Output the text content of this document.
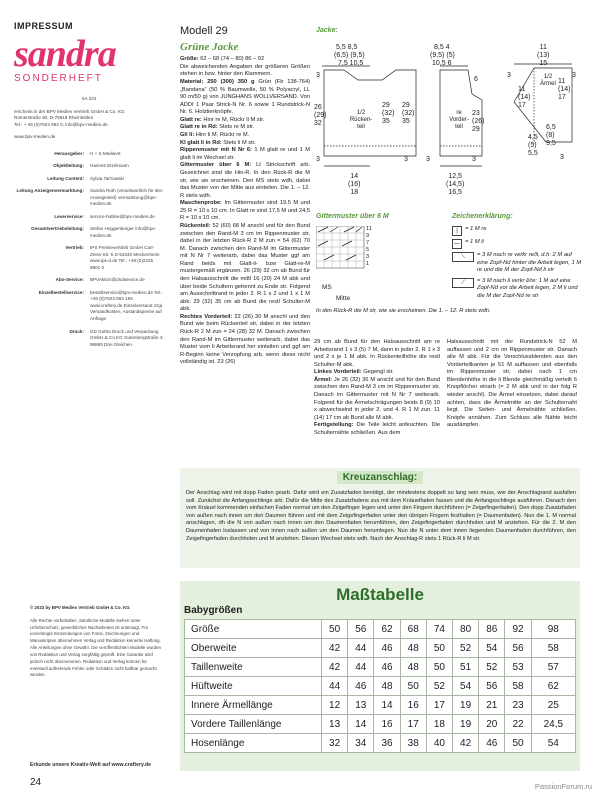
IMPRESSUM
sandra
SONDERHEFT
SA 222
erscheint in der BPV Medien Vertrieb GmbH & Co. KG
Römerstraße 90, D-79618 Rheinfelden
Tel.: + 49 (0)7623 964 0, info@bpv-medien.de
www.bpv-medien.de
Herausgeber:	H + S Medievtr.
Objektleitung:	Hannes Etzelmann
Leitung Content:	Sylvia Tarnowski
Leitung Anzeigenvermarktung:	Sandra Roth (verantwortlich für den Anzeigenteil) vermarktung@bpv-medien.de
Leserservice:	service-hotline@bpv-medien.de
Gesamtvertriebsleitung:	Stefan Hoggenberger info@bpv-medien.de
Vertrieb:	IPS Pressevertrieb GmbH Carl-Zeiss-Str. 5 D-53340 Meckenheim www.ips-d.de Tel.: +49 (0)2225 8801 0
Abo-Service:	BPVAktion@dsdservice.de
Einzelbestellservice:	bestellservice@bpv-medien.de Tel.: +49 (0)7623 964 155 www.craftery.de Einzelversand zzgl. Versandkosten, Auslandspreise auf Anfrage
Druck:	GD Gotha Druck und Verpackung GmbH & Co.KG Gutenbergstraße 3 99869 Drei Gleichen
© 2023 by BPV Medien Vertrieb GmbH & Co. KG
Alle Rechte vorbehalten. Sämtliche Modelle stehen unter Urheberschutz, gewerbliches Nacharbeiten ist untersagt. Für unverlangte Einsendungen von Fotos, Zeichnungen und Manuskripten übernehmen Verlag und Redaktion keinerlei Haftung. Alle Anleitungen ohne Gewähr. Die veröffentlichten Modelle wurden von Redaktion und Verlag sorgfältig geprüft. Eine Garantie wird jedoch nicht übernommen. Redaktion und Verlag können für eventuell auftretende Fehler oder Schäden nicht haftbar gemacht werden.
Erkunde unsere Kreativ-Welt auf www.craftery.de
24
Modell 29
Grüne Jacke

Größe: 62 – 68 (74 – 80) 86 – 92

Die abweichenden Angaben der größeren Größen stehen in bzw. hinter den Klammern.

Material: 250 (300) 350 g Grün (Fb 138-764) „Bandana“ (50 % Baumwolle, 50 % Polyacryl, LL 90 m/50 g) von JUNGHANS WOLLVERSAND. Von ADDI 1 Paar Strick-N Nr. 6 sowie 1 Rundstrick-N Nr. 6. Holztierknöpfe.

Glatt re: Hinr re M, Rückr li M str.

Glatt re in Rd: Stets re M str.

Gli li: Hinr li M, Rückr re M.

Kl glatt li in Rd: Stets li M str.

Rippenmuster mit N Nr 6: 1 M glatt re und 1 M glatt li im Wechsel str.

Gittermuster über 6 M: Lt Strickschrift arb. Gezeichnet sind die Hin-R. In den Rück-R die M str, wie sie erscheinen. Den MS stets wdh, dabei das Muster von der Mitte aus einteilen. Die 1. – 12. R stets wdh.

Maschenprobe: Im Gittermuster sind 19,5 M und 25 R = 10 x 10 cm. In Glatt re sind 17,5 M und 24,5 R = 10 x 10 cm.

Rückenteil: 52 (60) 68 M anschl und für den Bund zwischen den Rand-M 3 cm im Rippenmuster str, dabei in der letzten Rück-R 2 M zun = 54 (62) 70 M. Danach zwischen den Rand-M im Gittermuster mit N Nr 7 weiterarb, dabei das Muster ggf am Rand beids mit Glatt-li- bzw Glatt-re-M mustergemäß ergänzen. 26 (29) 32 cm ab Bund für den Halsausschnitt die mittl 16 (20) 24 M abk und über beide Schultern getrennt zu Ende str. Folgend am Ausschnittrand in jeder 2. R 1 x 2 und 1 x 1 M abk. 29 (32) 35 cm ab Bund die restl Schulter-M abk.

Rechtes Vorderteil: 22 (26) 30 M anschl und den Bund wie beim Rückenteil str, dabei in der letzten Rück-R 2 M zun = 24 (28) 32 M. Danach zwischen den Rand-M im Gittermuster weiterarb, dabei das Muster vom li Arbeitsrand her einteilen und ggf am R-Beginn keine Verzopfung arb, wenn diese nicht vollständig ist. 23 (26)

Jacke:
5,5 8,5
(6,5) (9,5)
7,5 10,5
26
(29)
32
29
(32)
35
29
(32)
35
1/2 Rücken-teil
14
(16)
18
3
3	3
8,5 4
(9,5) (5)
10,5 6
6
23
(26)
29
re Vorder-teil
3	3
12,5
(14,5)
16,5
11
(13)
15
11
(14)
17
11
(14)
17
1/2 Ärmel
3	3
3
6,5
(8)
9,5
4,5
(5)
5,5
Gittermuster über 6 M
11
9
7
5
3
1
MS
Mitte
In den Rück-R die M str, wie sie erscheinen. Die 1. – 12. R stets wdh.
Zeichenerklärung:
|	= 1 M re
— = 1 M li
⟍	= 3 M nach re verkr re/li, d.h: 2 M auf eine Zopf-Nd hinter die Arbeit legen, 1 M re und die M der Zopf-Nd li str
⟋	= 3 M nach li verkr li/re: 1 M auf eine Zopf-Nd vor die Arbeit legen, 2 M li und die M der Zopf-Nd re str
29 cm ab Bund für den Halsausschnitt am re Arbeitsrand 1 x 3 (5) 7 M, dann in jeder 2. R 1 x 3 und 2 x je 1 M abk. In Rückenteilhöhe die restl Schulter-M abk.
Linkes Vorderteil: Gegengl str.
Ärmel: Je 26 (32) 36 M anschl und für den Bund zwischen den Rand-M 3 cm im Rippenmuster str. Danach im Gittermuster mit N Nr 7 weiterarb. Folgend für die Ärmelschrägungen beids 8 (9) 10 x abwechselnd in jeder 2. und 4. R 1 M zun. 11 (14) 17 cm ab Bund alle M abk.
Fertigstellung: Die Teile leicht anfeuchten. Die Schulternähte schließen. Aus dem
Halsausschnitt mit der Rundstrick-N 52 M auffassen und 2 cm im Rippenmuster str. Danach alle M abk. Für die Verschlussblenden aus den Vorderteilkanten je 51 M auffassen und ebenfalls im Rippenmuster str, dabei nach 1 cm Blendenhöhe in die li Blende gleichmäßig verteilt 6 Knopflöcher einarb (= 2 M abk und in der folg R wieder anschl). Die Ärmel einsetzen, dabei darauf achten, dass die Ärmelmitte an der Schulternaht liegt. Die Seiten- und Ärmelnähte schließen. Knöpfe annähen. Zum Schluss alle Nähte leicht ausdämpfen.
Kreuzanschlag:
Der Anschlag wird mit dopp Faden gearb. Dafür wird ein Zusatzfaden benötigt, der mindestens doppelt so lang sein muss, wie der Anschlagrand ausfallen soll. Zunächst die Anfangsschlinge arb. Dafür die Mitte des Zusatzfadens zus mit dem Knäuelfaden fassen und die Anfangsschlinge ausführen. Danach den vom Knäuel kommenden einfachen Faden normal um den Zeigefinger legen und unter den Fingern durchführen (= Zeigefingerfaden). Den dopp Zusatzfaden von außen nach innen um den Daumen führen und mit dem Zeigefingerfaden unter den übrigen Fingern festhalten (= Daumenfaden). Nun die 1. M normal anschlagen, dh die N von außen nach innen um den Daumenfaden herumführen, den Zeigefingerfaden durchholen und M anziehen. Für die 2. M den Daumenfaden loslassen und von innen nach außen um den Daumen herumlegen. Nun die N unter dem innen liegenden Daumenfaden durchführen, den Zeigefingerfaden durchholen und M anziehen. Diesen Wechsel stets wdh. Nach der Anschlag-R stets 1 Rück-R li M str.
Maßtabelle
Babygrößen
Größe	50	56	62	68	74	80	86	92	98
Oberweite	42	44	46	48	50	52	54	56	58
Taillenweite	42	44	46	48	50	51	52	53	57
Hüftweite	44	46	48	50	52	54	56	58	62
Innere Ärmellänge	12	13	14	16	17	19	21	23	25
Vordere Taillenlänge	13	14	16	17	18	19	20	22	24,5
Hosenlänge	32	34	36	38	40	42	46	50	54
PassionForum.ru
